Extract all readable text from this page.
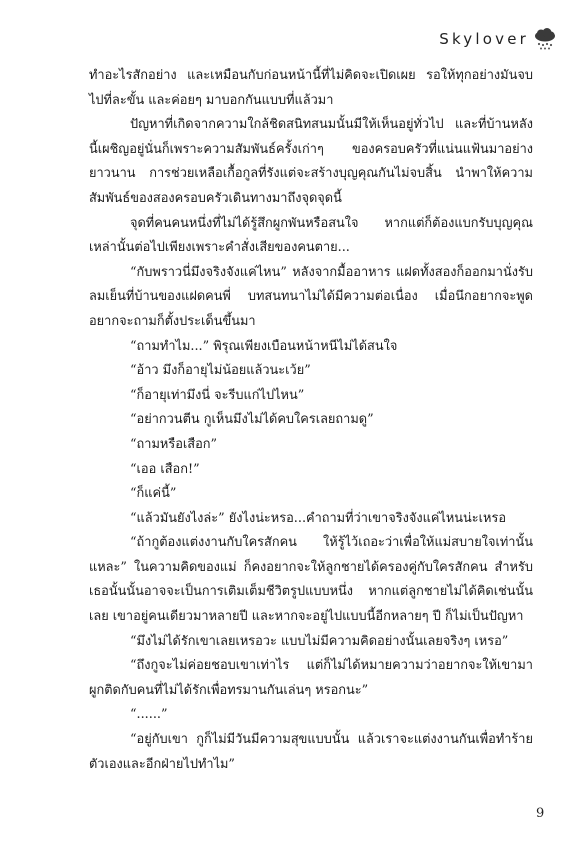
Skylover

ทำอะไรสักอย่าง และเหมือนกับก่อนหน้านี้ที่ไม่คิดจะเปิดเผย รอให้ทุกอย่างมันจบไปที่ละขั้น และค่อยๆ มาบอกกันแบบที่แล้วมา

ปัญหาที่เกิดจากความใกล้ชิดสนิทสนมนั้นมีให้เห็นอยู่ทั่วไป และที่บ้านหลังนี้เผชิญอยู่นั่นก็เพราะความสัมพันธ์ครั้งเก่าๆ ของครอบครัวที่แน่นแฟ้นมาอย่างยาวนาน การช่วยเหลือเกื้อกูลที่รังแต่จะสร้างบุญคุณกันไม่จบสิ้น นำพาให้ความสัมพันธ์ของสองครอบครัวเดินทางมาถึงจุดจุดนี้

จุดที่คนคนหนึ่งที่ไม่ได้รู้สึกผูกพันหรือสนใจ หากแต่ก็ต้องแบกรับบุญคุณเหล่านั้นต่อไปเพียงเพราะคำสั่งเสียของคนตาย...

“กับพราวนี่มึงจริงจังแค่ไหน” หลังจากมื้ออาหาร แฝดทั้งสองก็ออกมานั่งรับลมเย็นที่บ้านของแฝดคนพี่ บทสนทนาไม่ได้มีความต่อเนื่อง เมื่อนึกอยากจะพูดอยากจะถามก็ตั้งประเด็นขึ้นมา

“ถามทำไม...” พิรุณเพียงเบือนหน้าหนีไม่ได้สนใจ

“อ้าว มึงก็อายุไม่น้อยแล้วนะเว้ย”

“ก็อายุเท่ามึงนี่ จะรีบแก่ไปไหน”

“อย่ากวนตีน กูเห็นมึงไม่ได้คบใครเลยถามดู”

“ถามหรือเสือก”

“เออ เสือก!”

“ก็แค่นี้”

“แล้วมันยังไงล่ะ” ยังไงน่ะหรอ...คำถามที่ว่าเขาจริงจังแค่ไหนน่ะเหรอ

“ถ้ากูต้องแต่งงานกับใครสักคน ให้รู้ไว้เถอะว่าเพื่อให้แม่สบายใจเท่านั้นแหละ” ในความคิดของแม่ ก็คงอยากจะให้ลูกชายได้ครองคู่กับใครสักคน สำหรับเธอนั้นนั้นอาจจะเป็นการเติมเต็มชีวิตรูปแบบหนึ่ง หากแต่ลูกชายไม่ได้คิดเช่นนั้นเลย เขาอยู่คนเดียวมาหลายปี และหากจะอยู่ไปแบบนี้อีกหลายๆ ปี ก็ไม่เป็นปัญหา

“มึงไม่ได้รักเขาเลยเหรอวะ แบบไม่มีความคิดอย่างนั้นเลยจริงๆ เหรอ”

“ถึงกูจะไม่ค่อยชอบเขาเท่าไร แต่ก็ไม่ได้หมายความว่าอยากจะให้เขามาผูกติดกับคนที่ไม่ได้รักเพื่อทรมานกันเล่นๆ หรอกนะ”

“......”

“อยู่กับเขา กูก็ไม่มีวันมีความสุขแบบนั้น แล้วเราจะแต่งงานกันเพื่อทำร้ายตัวเองและอีกฝ่ายไปทำไม”

9
